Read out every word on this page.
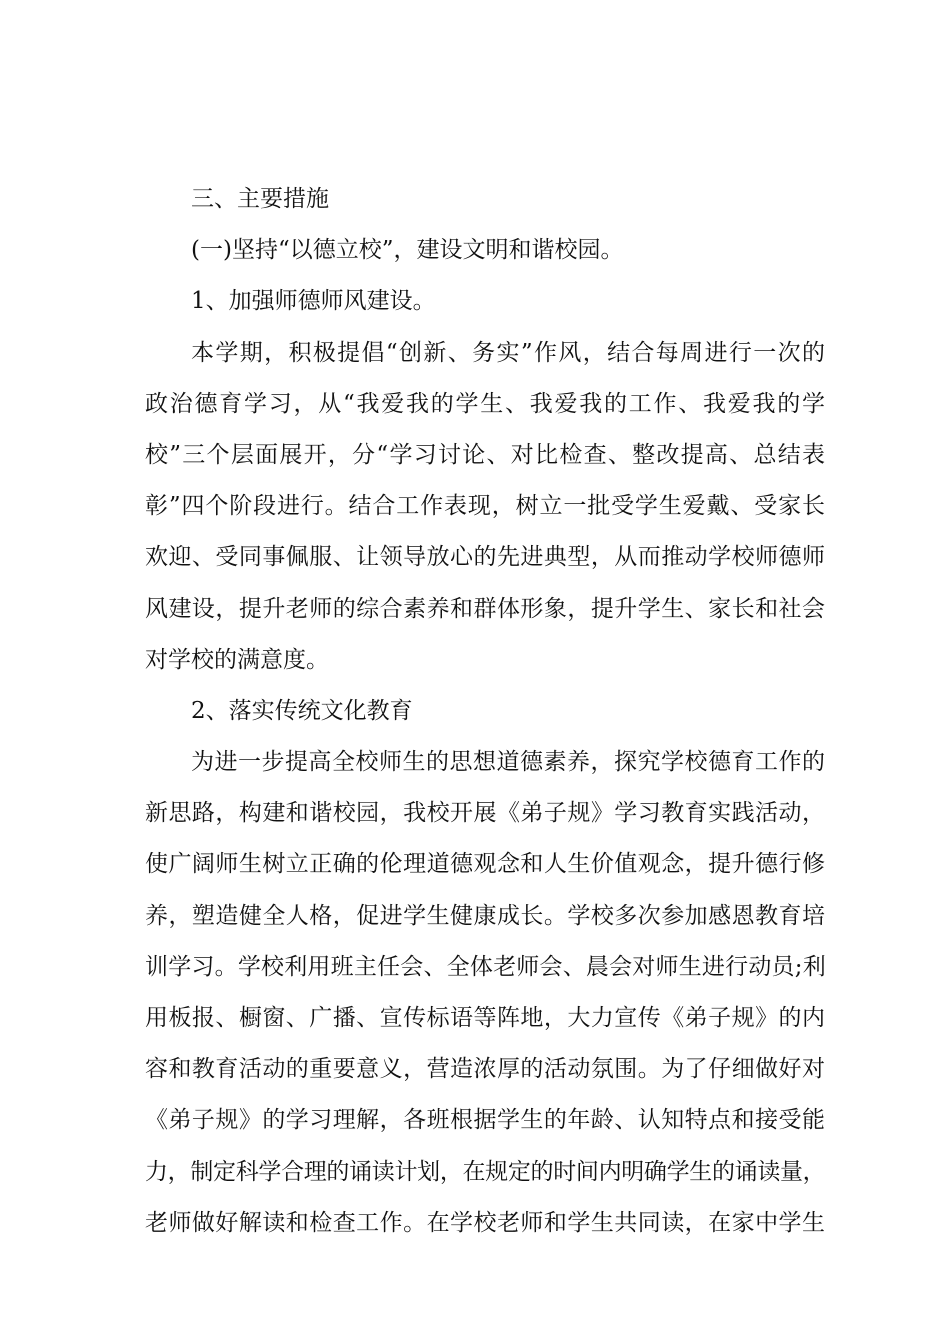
三、主要措施
(一)坚持“以德立校”，建设文明和谐校园。
1、加强师德师风建设。
本学期，积极提倡“创新、务实”作风，结合每周进行一次的
政治德育学习，从“我爱我的学生、我爱我的工作、我爱我的学
校”三个层面展开，分“学习讨论、对比检查、整改提高、总结表
彰”四个阶段进行。结合工作表现，树立一批受学生爱戴、受家长
欢迎、受同事佩服、让领导放心的先进典型，从而推动学校师德师
风建设，提升老师的综合素养和群体形象，提升学生、家长和社会
对学校的满意度。
2、落实传统文化教育
为进一步提高全校师生的思想道德素养，探究学校德育工作的
新思路，构建和谐校园，我校开展《弟子规》学习教育实践活动，
使广阔师生树立正确的伦理道德观念和人生价值观念，提升德行修
养，塑造健全人格，促进学生健康成长。学校多次参加感恩教育培
训学习。学校利用班主任会、全体老师会、晨会对师生进行动员;利
用板报、橱窗、广播、宣传标语等阵地，大力宣传《弟子规》的内
容和教育活动的重要意义，营造浓厚的活动氛围。为了仔细做好对
《弟子规》的学习理解，各班根据学生的年龄、认知特点和接受能
力，制定科学合理的诵读计划，在规定的时间内明确学生的诵读量，
老师做好解读和检查工作。在学校老师和学生共同读，在家中学生
